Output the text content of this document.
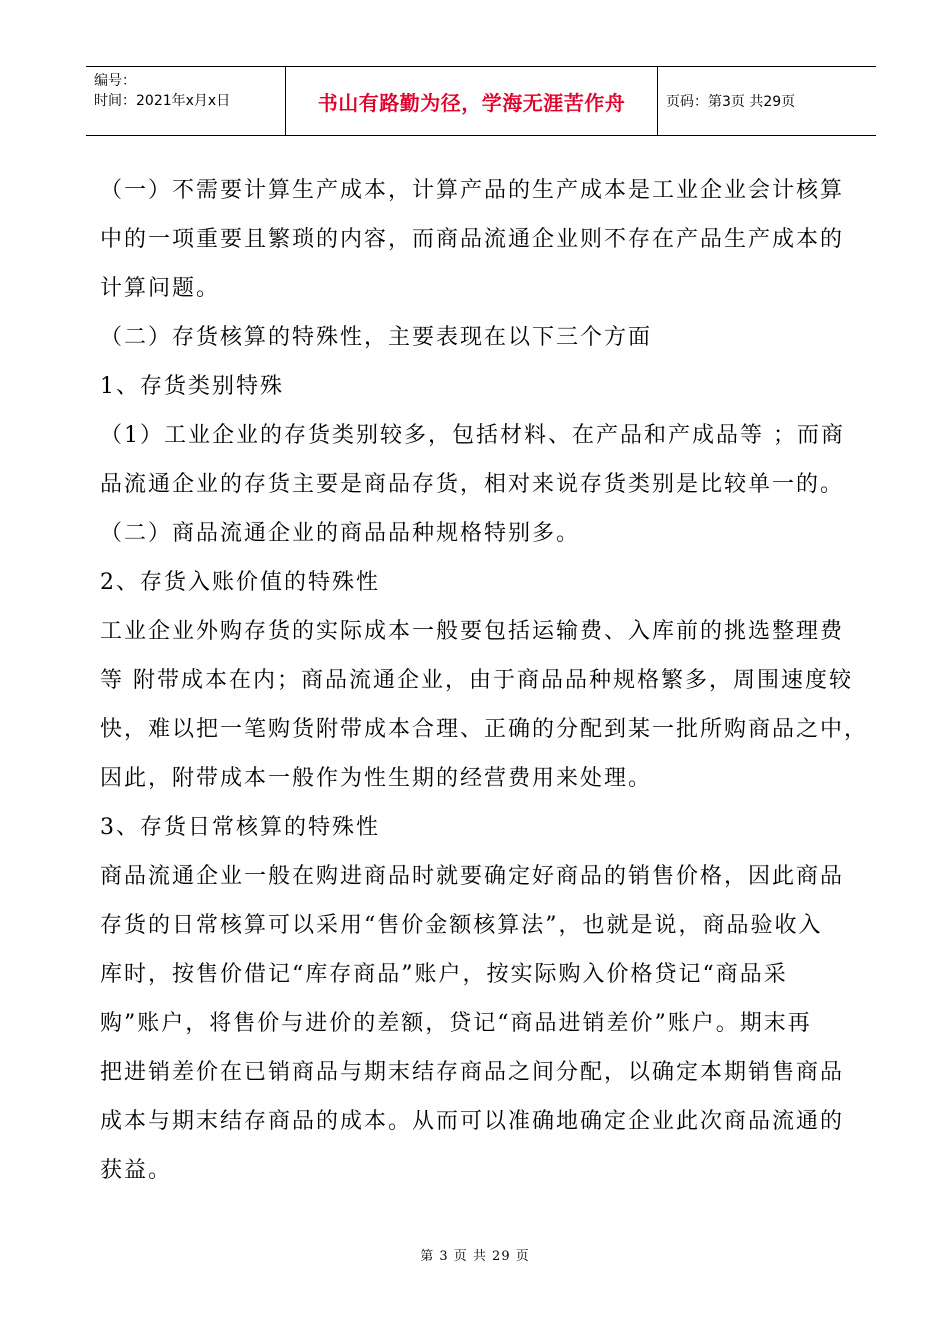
编号：
时间：2021年x月x日	书山有路勤为径，学海无涯苦作舟	页码：第3页 共29页

（一）不需要计算生产成本，计算产品的生产成本是工业企业会计核算
中的一项重要且繁琐的内容，而商品流通企业则不存在产品生产成本的
计算问题。

（二）存货核算的特殊性，主要表现在以下三个方面

1、存货类别特殊

（1）工业企业的存货类别较多，包括材料、在产品和产成品等 ；而商
品流通企业的存货主要是商品存货，相对来说存货类别是比较单一的。

（二）商品流通企业的商品品种规格特别多。

2、存货入账价值的特殊性

工业企业外购存货的实际成本一般要包括运输费、入库前的挑选整理费
等 附带成本在内；商品流通企业，由于商品品种规格繁多，周围速度较
快，难以把一笔购货附带成本合理、正确的分配到某一批所购商品之中，
因此，附带成本一般作为性生期的经营费用来处理。

3、存货日常核算的特殊性

商品流通企业一般在购进商品时就要确定好商品的销售价格，因此商品
存货的日常核算可以采用“售价金额核算法”，也就是说，商品验收入
库时，按售价借记“库存商品”账户，按实际购入价格贷记“商品采
购”账户，将售价与进价的差额，贷记“商品进销差价”账户。期末再
把进销差价在已销商品与期末结存商品之间分配，以确定本期销售商品
成本与期末结存商品的成本。从而可以准确地确定企业此次商品流通的
获益。

第 3 页 共 29 页
